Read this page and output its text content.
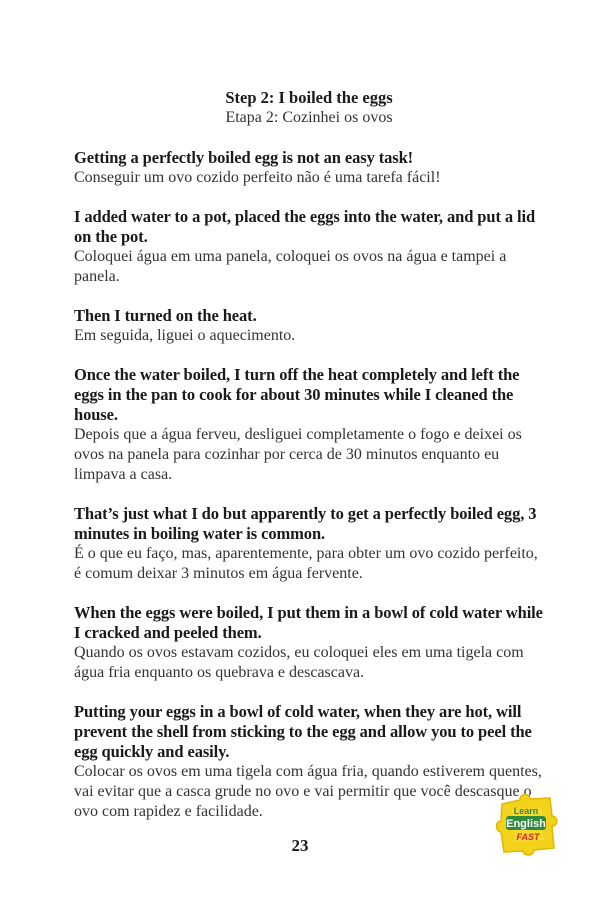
Step 2: I boiled the eggs
Etapa 2: Cozinhei os ovos
Getting a perfectly boiled egg is not an easy task!
Conseguir um ovo cozido perfeito não é uma tarefa fácil!
I added water to a pot, placed the eggs into the water, and put a lid on the pot.
Coloquei água em uma panela, coloquei os ovos na água e tampei a panela.
Then I turned on the heat.
Em seguida, liguei o aquecimento.
Once the water boiled, I turn off the heat completely and left the eggs in the pan to cook for about 30 minutes while I cleaned the house.
Depois que a água ferveu, desliguei completamente o fogo e deixei os ovos na panela para cozinhar por cerca de 30 minutos enquanto eu limpava a casa.
That’s just what I do but apparently to get a perfectly boiled egg, 3 minutes in boiling water is common.
É o que eu faço, mas, aparentemente, para obter um ovo cozido perfeito, é comum deixar 3 minutos em água fervente.
When the eggs were boiled, I put them in a bowl of cold water while I cracked and peeled them.
Quando os ovos estavam cozidos, eu coloquei eles em uma tigela com água fria enquanto os quebrava e descascava.
Putting your eggs in a bowl of cold water, when they are hot, will prevent the shell from sticking to the egg and allow you to peel the egg quickly and easily.
Colocar os ovos em uma tigela com água fria, quando estiverem quentes, vai evitar que a casca grude no ovo e vai permitir que você descasque o ovo com rapidez e facilidade.	Learn
English
FAST
23
